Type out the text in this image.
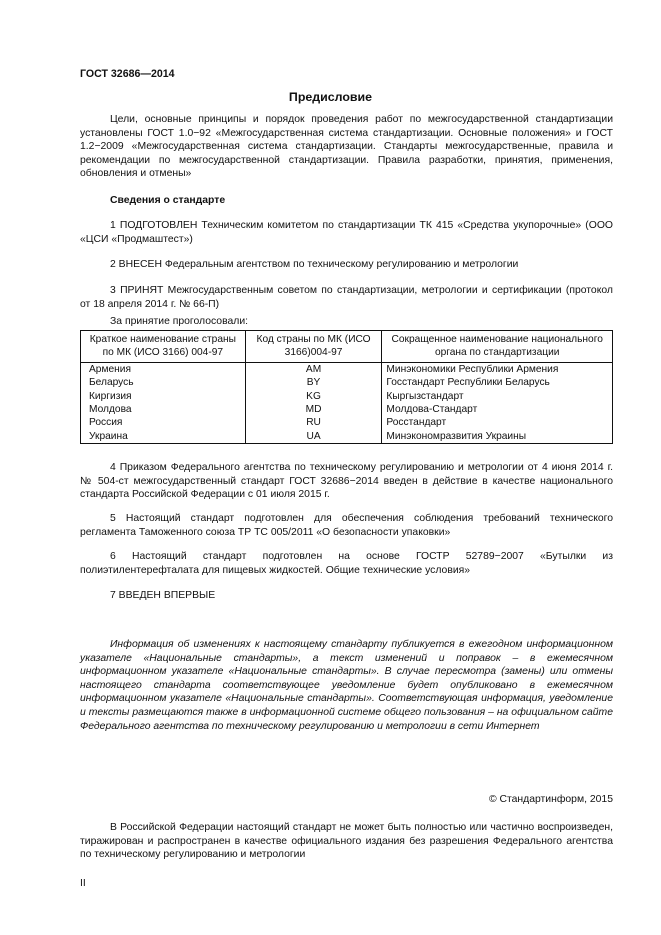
ГОСТ 32686—2014
Предисловие
Цели, основные принципы и порядок проведения работ по межгосударственной стандартизации установлены ГОСТ 1.0−92 «Межгосударственная система стандартизации. Основные положения» и ГОСТ 1.2−2009 «Межгосударственная система стандартизации. Стандарты межгосударственные, правила и рекомендации по межгосударственной стандартизации. Правила разработки, принятия, применения, обновления и отмены»
Сведения о стандарте
1 ПОДГОТОВЛЕН Техническим комитетом по стандартизации ТК 415 «Средства укупорочные» (ООО «ЦСИ «Продмаштест»)
2 ВНЕСЕН Федеральным агентством по техническому регулированию и метрологии
3 ПРИНЯТ Межгосударственным советом по стандартизации, метрологии и сертификации (протокол от 18 апреля 2014 г. № 66-П)
За принятие проголосовали:
Краткое наименование страны по МК (ИСО 3166) 004-97	Код страны по МК (ИСО 3166)004-97	Сокращенное наименование национального органа по стандартизации
Армения	AM	Минэкономики Республики Армения
Беларусь	BY	Госстандарт Республики Беларусь
Киргизия	KG	Кыргызстандарт
Молдова	MD	Молдова-Стандарт
Россия	RU	Росстандарт
Украина	UA	Минэкономразвития Украины
4 Приказом Федерального агентства по техническому регулированию и метрологии от 4 июня 2014 г. № 504-ст межгосударственный стандарт ГОСТ 32686−2014 введен в действие в качестве национального стандарта Российской Федерации с 01 июля 2015 г.
5 Настоящий стандарт подготовлен для обеспечения соблюдения требований технического регламента Таможенного союза ТР ТС 005/2011 «О безопасности упаковки»
6 Настоящий стандарт подготовлен на основе ГОСТР 52789−2007 «Бутылки из полиэтилентерефталата для пищевых жидкостей. Общие технические условия»
7 ВВЕДЕН ВПЕРВЫЕ
Информация об изменениях к настоящему стандарту публикуется в ежегодном информационном указателе «Национальные стандарты», а текст изменений и поправок – в ежемесячном информационном указателе «Национальные стандарты». В случае пересмотра (замены) или отмены настоящего стандарта соответствующее уведомление будет опубликовано в ежемесячном информационном указателе «Национальные стандарты». Соответствующая информация, уведомление и тексты размещаются также в информационной системе общего пользования – на официальном сайте Федерального агентства по техническому регулированию и метрологии в сети Интернет
© Стандартинформ, 2015
В Российской Федерации настоящий стандарт не может быть полностью или частично воспроизведен, тиражирован и распространен в качестве официального издания без разрешения Федерального агентства по техническому регулированию и метрологии
II
